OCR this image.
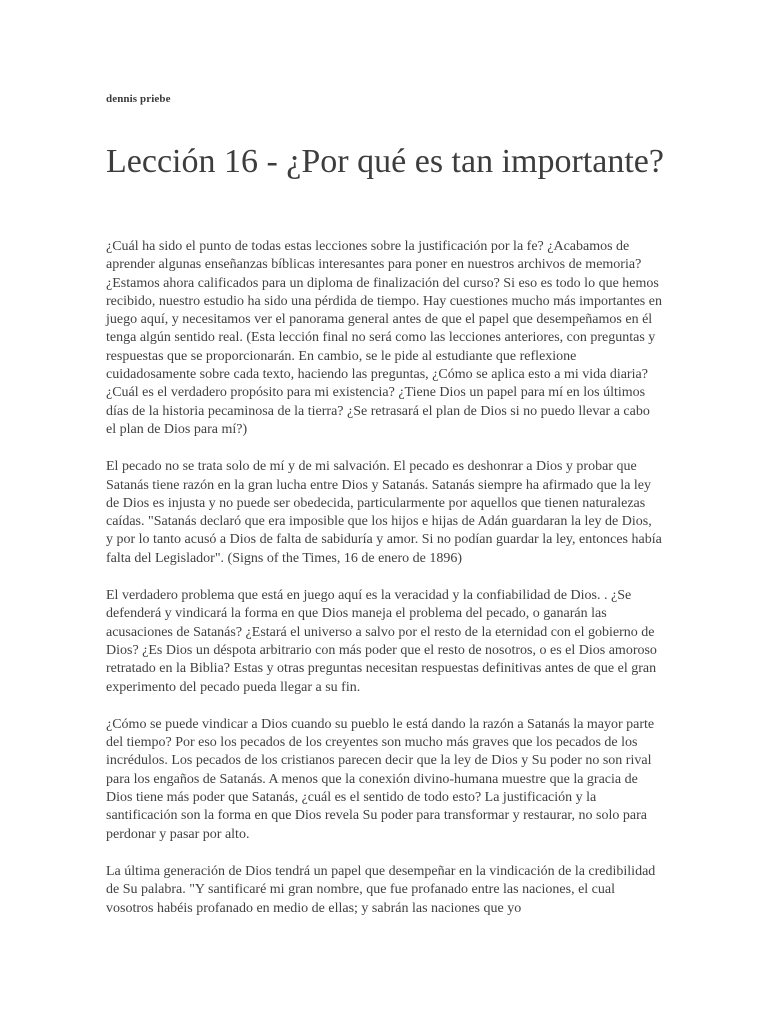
dennis priebe
Lección 16 - ¿Por qué es tan importante?

¿Cuál ha sido el punto de todas estas lecciones sobre la justificación por la fe? ¿Acabamos de aprender algunas enseñanzas bíblicas interesantes para poner en nuestros archivos de memoria? ¿Estamos ahora calificados para un diploma de finalización del curso? Si eso es todo lo que hemos recibido, nuestro estudio ha sido una pérdida de tiempo. Hay cuestiones mucho más importantes en juego aquí, y necesitamos ver el panorama general antes de que el papel que desempeñamos en él tenga algún sentido real. (Esta lección final no será como las lecciones anteriores, con preguntas y respuestas que se proporcionarán. En cambio, se le pide al estudiante que reflexione cuidadosamente sobre cada texto, haciendo las preguntas, ¿Cómo se aplica esto a mi vida diaria? ¿Cuál es el verdadero propósito para mi existencia? ¿Tiene Dios un papel para mí en los últimos días de la historia pecaminosa de la tierra? ¿Se retrasará el plan de Dios si no puedo llevar a cabo el plan de Dios para mí?)

El pecado no se trata solo de mí y de mi salvación. El pecado es deshonrar a Dios y probar que Satanás tiene razón en la gran lucha entre Dios y Satanás. Satanás siempre ha afirmado que la ley de Dios es injusta y no puede ser obedecida, particularmente por aquellos que tienen naturalezas caídas. "Satanás declaró que era imposible que los hijos e hijas de Adán guardaran la ley de Dios, y por lo tanto acusó a Dios de falta de sabiduría y amor. Si no podían guardar la ley, entonces había falta del Legislador". (Signs of the Times, 16 de enero de 1896)

El verdadero problema que está en juego aquí es la veracidad y la confiabilidad de Dios. . ¿Se defenderá y vindicará la forma en que Dios maneja el problema del pecado, o ganarán las acusaciones de Satanás? ¿Estará el universo a salvo por el resto de la eternidad con el gobierno de Dios? ¿Es Dios un déspota arbitrario con más poder que el resto de nosotros, o es el Dios amoroso retratado en la Biblia? Estas y otras preguntas necesitan respuestas definitivas antes de que el gran experimento del pecado pueda llegar a su fin.

¿Cómo se puede vindicar a Dios cuando su pueblo le está dando la razón a Satanás la mayor parte del tiempo? Por eso los pecados de los creyentes son mucho más graves que los pecados de los incrédulos. Los pecados de los cristianos parecen decir que la ley de Dios y Su poder no son rival para los engaños de Satanás. A menos que la conexión divino-humana muestre que la gracia de Dios tiene más poder que Satanás, ¿cuál es el sentido de todo esto? La justificación y la santificación son la forma en que Dios revela Su poder para transformar y restaurar, no solo para perdonar y pasar por alto.

La última generación de Dios tendrá un papel que desempeñar en la vindicación de la credibilidad de Su palabra. "Y santificaré mi gran nombre, que fue profanado entre las naciones, el cual vosotros habéis profanado en medio de ellas; y sabrán las naciones que yo
